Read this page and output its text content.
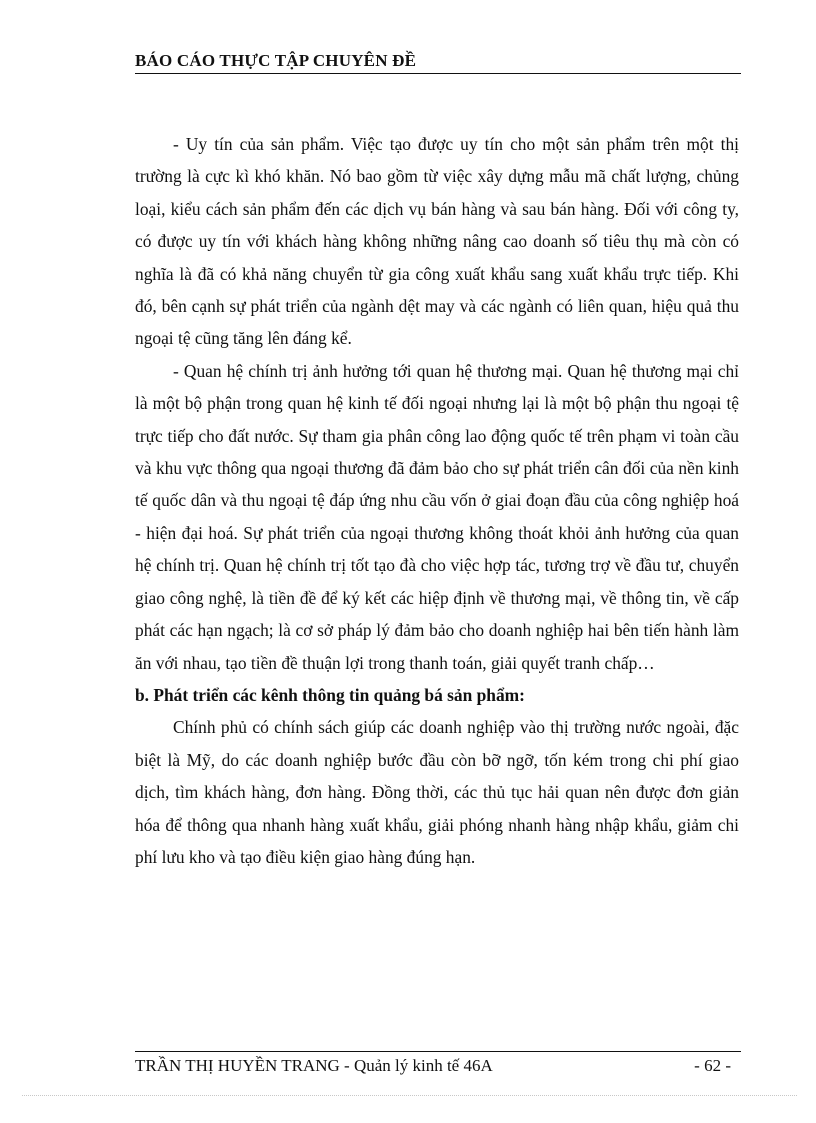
BÁO CÁO THỰC TẬP CHUYÊN ĐỀ

- Uy tín của sản phẩm. Việc tạo được uy tín cho một sản phẩm trên một thị trường là cực kì khó khăn. Nó bao gồm từ việc xây dựng mẫu mã chất lượng, chủng loại, kiểu cách sản phẩm đến các dịch vụ bán hàng và sau bán hàng. Đối với công ty, có được uy tín với khách hàng không những nâng cao doanh số tiêu thụ mà còn có nghĩa là đã có khả năng chuyển từ gia công xuất khẩu sang xuất khẩu trực tiếp. Khi đó, bên cạnh sự phát triển của ngành dệt may và các ngành có liên quan, hiệu quả thu ngoại tệ cũng tăng lên đáng kể.

- Quan hệ chính trị ảnh hưởng tới quan hệ thương mại. Quan hệ thương mại chỉ là một bộ phận trong quan hệ kinh tế đối ngoại nhưng lại là một bộ phận thu ngoại tệ trực tiếp cho đất nước. Sự tham gia phân công lao động quốc tế trên phạm vi toàn cầu và khu vực thông qua ngoại thương đã đảm bảo cho sự phát triển cân đối của nền kinh tế quốc dân và thu ngoại tệ đáp ứng nhu cầu vốn ở giai đoạn đầu của công nghiệp hoá - hiện đại hoá. Sự phát triển của ngoại thương không thoát khỏi ảnh hưởng của quan hệ chính trị. Quan hệ chính trị tốt tạo đà cho việc hợp tác, tương trợ về đầu tư, chuyển giao công nghệ, là tiền đề để ký kết các hiệp định về thương mại, về thông tin, về cấp phát các hạn ngạch; là cơ sở pháp lý đảm bảo cho doanh nghiệp hai bên tiến hành làm ăn với nhau, tạo tiền đề thuận lợi trong thanh toán, giải quyết tranh chấp…

b. Phát triển các kênh thông tin quảng bá sản phẩm:

Chính phủ có chính sách giúp các doanh nghiệp vào thị trường nước ngoài, đặc biệt là Mỹ, do các doanh nghiệp bước đầu còn bỡ ngỡ, tốn kém trong chi phí giao dịch, tìm khách hàng, đơn hàng. Đồng thời, các thủ tục hải quan nên được đơn giản hóa để thông qua nhanh hàng xuất khẩu, giải phóng nhanh hàng nhập khẩu, giảm chi phí lưu kho và tạo điều kiện giao hàng đúng hạn.

TRẦN THỊ HUYỀN TRANG - Quản lý kinh tế 46A	- 62 -
